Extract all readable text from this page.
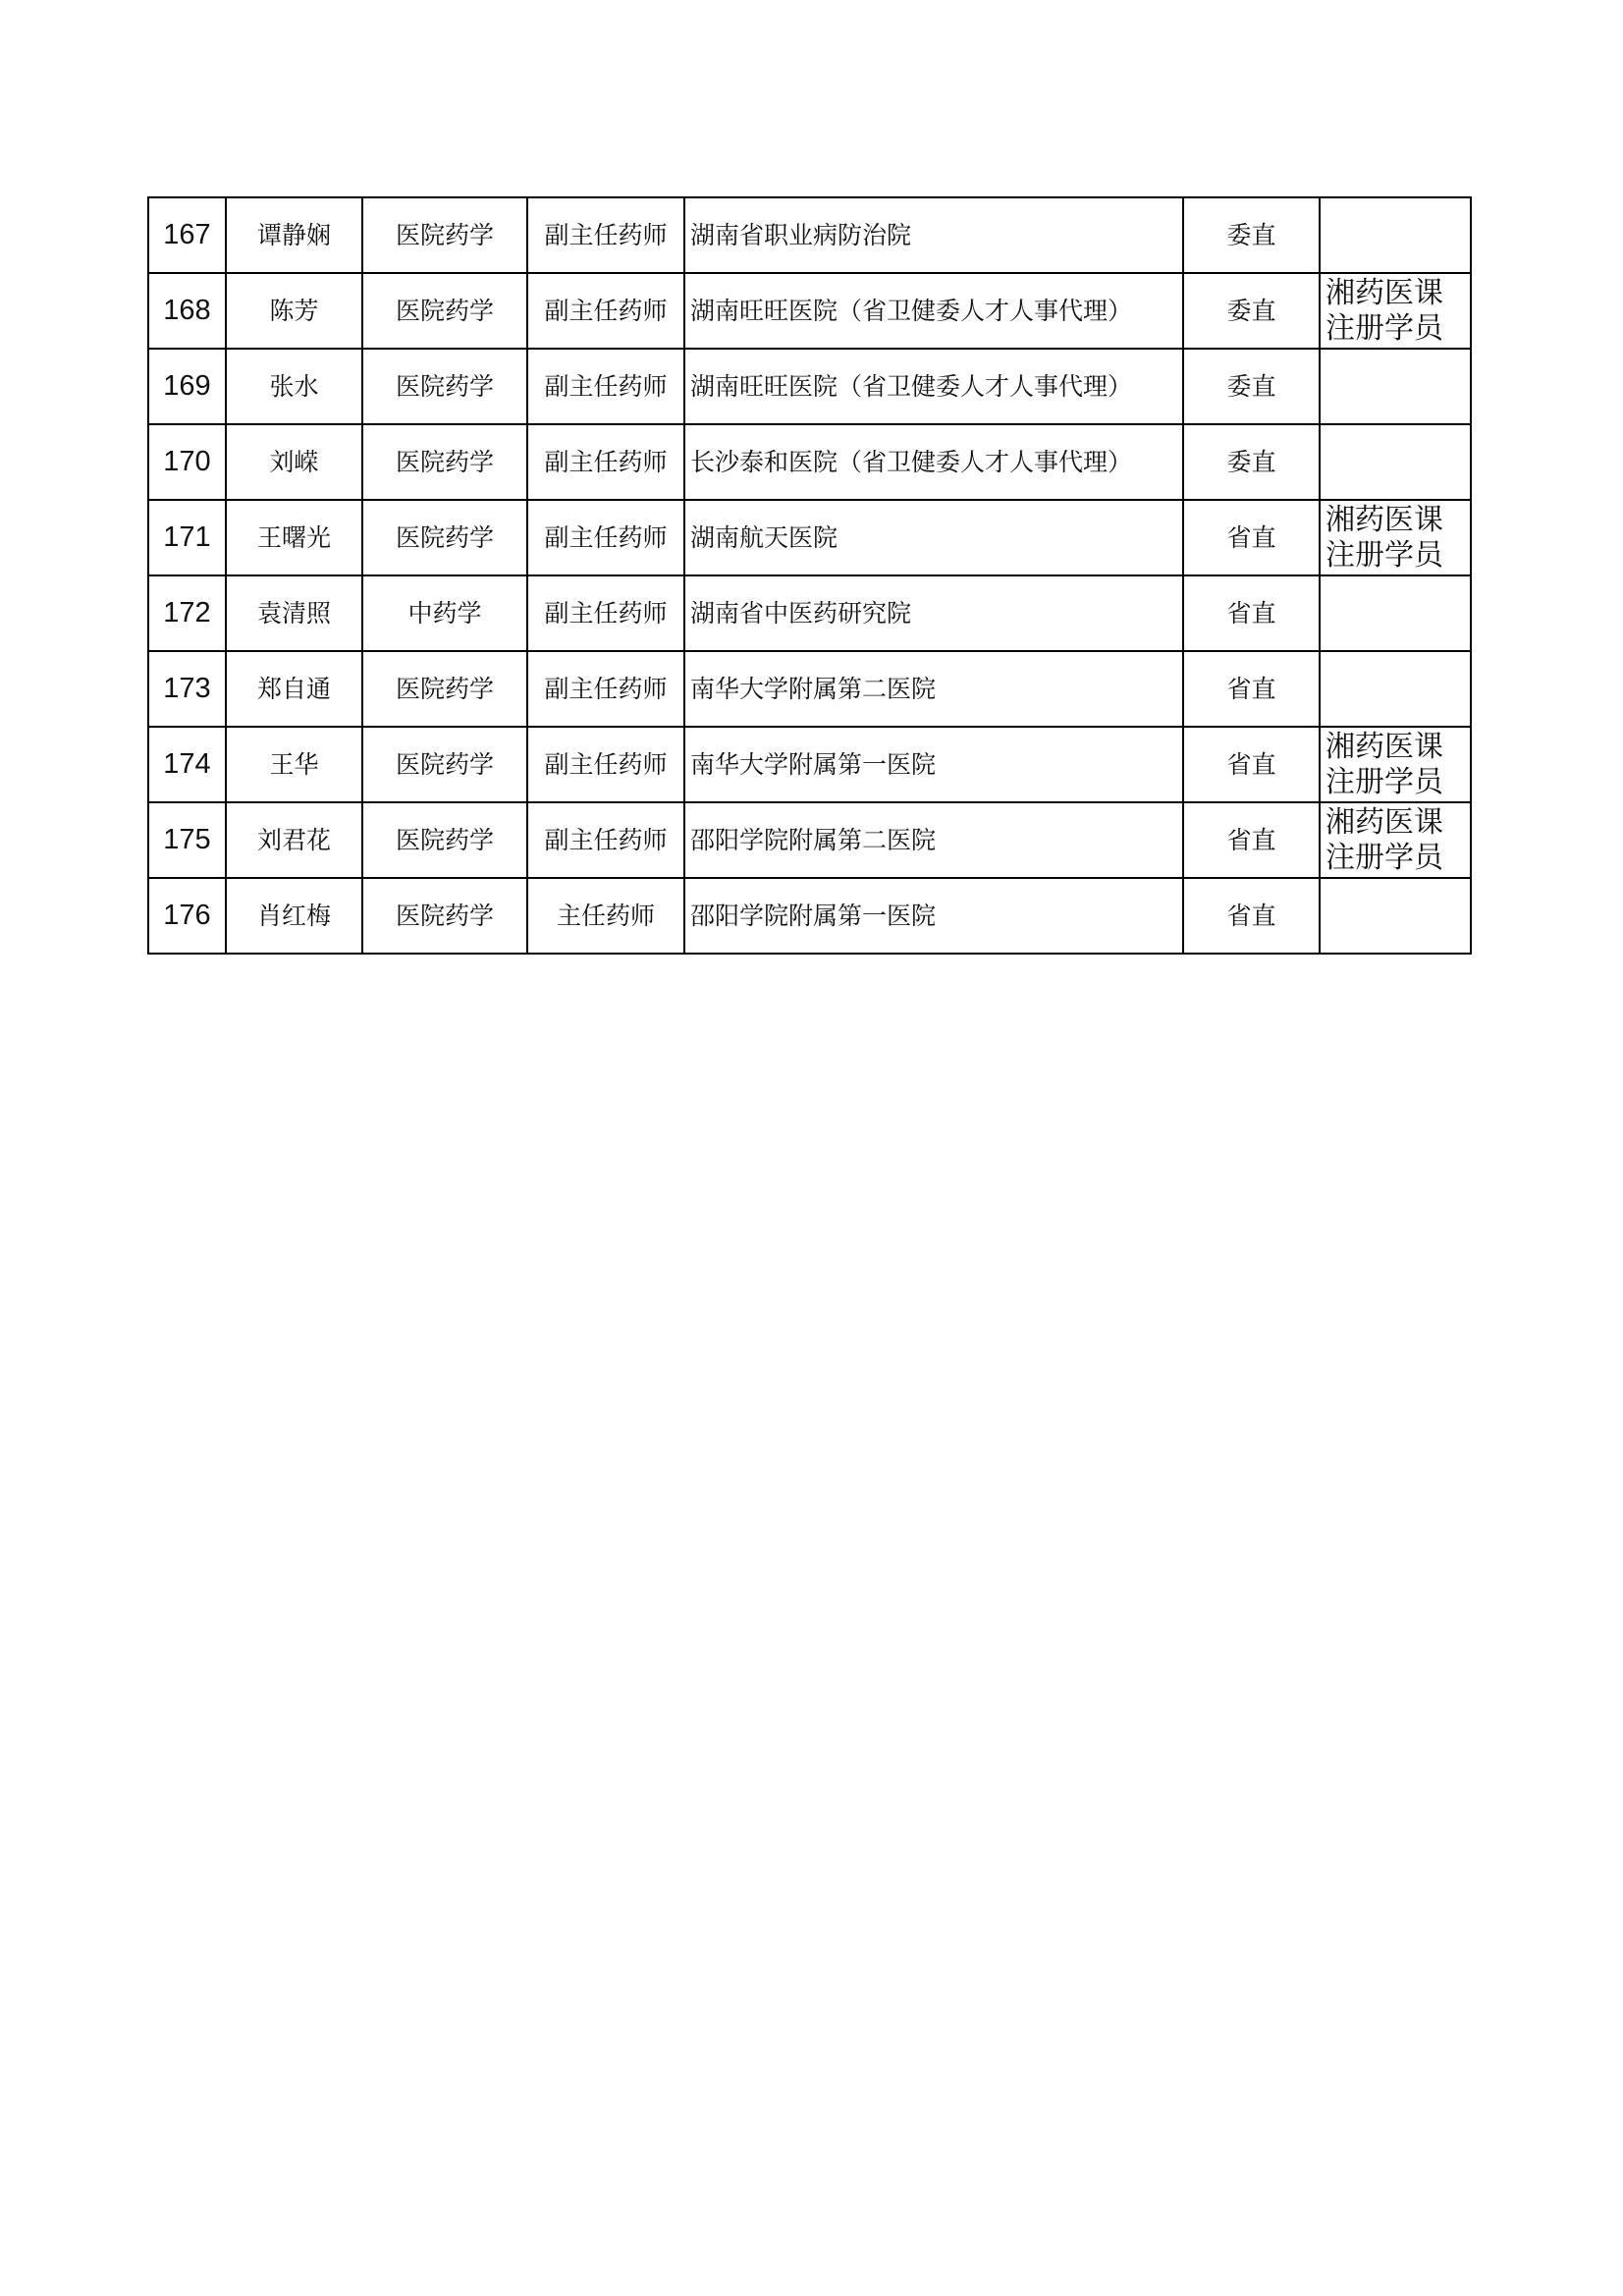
167	谭静娴	医院药学	副主任药师	湖南省职业病防治院	委直	
168	陈芳	医院药学	副主任药师	湖南旺旺医院（省卫健委人才人事代理）	委直	湘药医课
注册学员

169	张水	医院药学	副主任药师	湖南旺旺医院（省卫健委人才人事代理）	委直	
170	刘嵘	医院药学	副主任药师	长沙泰和医院（省卫健委人才人事代理）	委直	
171	王曙光	医院药学	副主任药师	湖南航天医院	省直	湘药医课
注册学员

172	袁清照	中药学	副主任药师	湖南省中医药研究院	省直	
173	郑自通	医院药学	副主任药师	南华大学附属第二医院	省直	
174	王华	医院药学	副主任药师	南华大学附属第一医院	省直	湘药医课
注册学员

175	刘君花	医院药学	副主任药师	邵阳学院附属第二医院	省直	湘药医课
注册学员

176	肖红梅	医院药学	主任药师	邵阳学院附属第一医院	省直	
